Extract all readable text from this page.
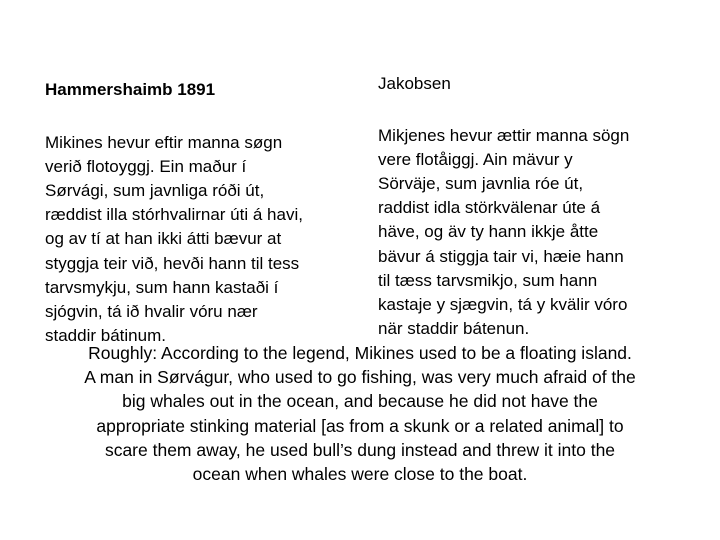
Hammershaimb 1891

Mikines hevur eftir manna søgn
verið flotoyggj. Ein maður í
Sørvági, sum javnliga róði út,
ræddist illa stórhvalirnar úti á havi,
og av tí at han ikki átti bævur at
styggja teir við, hevði hann til tess
tarvsmykju, sum hann kastaði í
sjógvin, tá ið hvalir vóru nær
staddir bátinum.

Jakobsen

Mikjenes hevur ættir manna sögn
vere flotåiggj. Ain mävur y
Sörväje, sum javnlia róe út,
raddist idla störkvälenar úte á
häve, og äv ty hann ikkje åtte
bävur á stiggja tair vi, hæie hann
til tæss tarvsmikjo, sum hann
kastaje y sjægvin, tá y kvälir vóro
när staddir bátenun.

Roughly: According to the legend, Mikines used to be a floating island.
A man in Sørvágur, who used to go fishing, was very much afraid of the
big whales out in the ocean, and because he did not have the
appropriate stinking material [as from a skunk or a related animal] to
scare them away, he used bull’s dung instead and threw it into the
ocean when whales were close to the boat.
